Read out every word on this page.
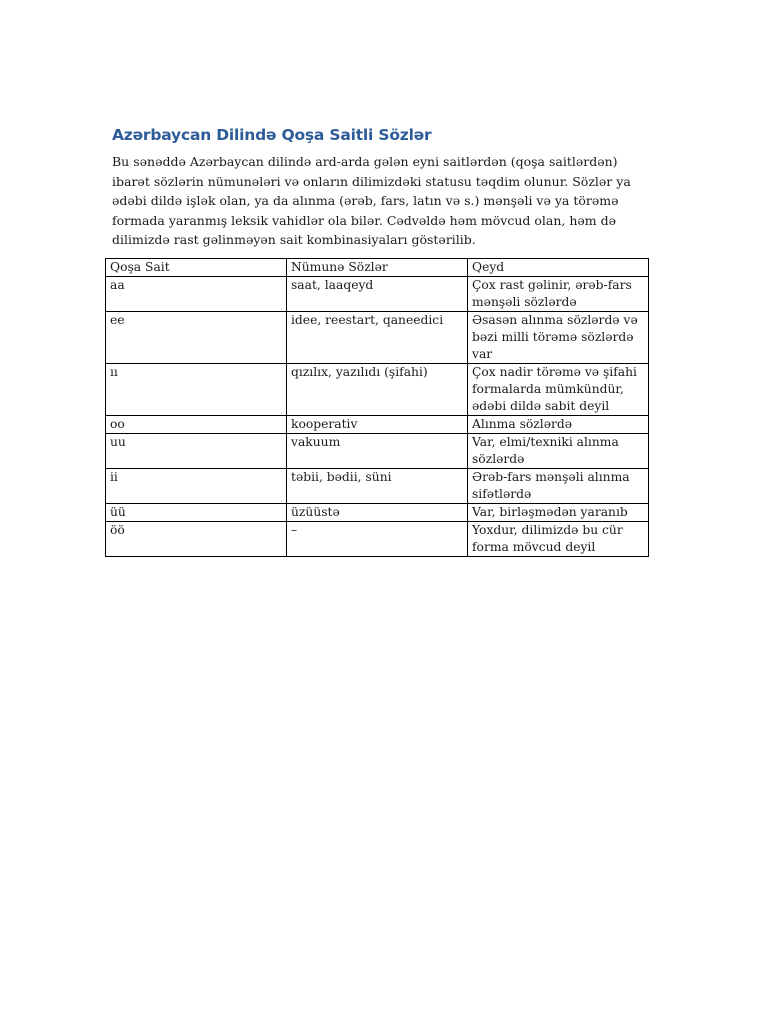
Azərbaycan Dilində Qoşa Saitli Sözlər

Bu sənəddə Azərbaycan dilində ard-arda gələn eyni saitlərdən (qoşa saitlərdən) ibarət sözlərin nümunələri və onların dilimizdəki statusu təqdim olunur. Sözlər ya ədəbi dildə işlək olan, ya da alınma (ərəb, fars, latın və s.) mənşəli və ya törəmə formada yaranmış leksik vahidlər ola bilər. Cədvəldə həm mövcud olan, həm də dilimizdə rast gəlinməyən sait kombinasiyaları göstərilib.

Qoşa Sait	Nümunə Sözlər	Qeyd
aa	saat, laaqeyd	Çox rast gəlinir, ərəb-fars mənşəli sözlərdə
ee	idee, reestart, qaneedici	Əsasən alınma sözlərdə və bəzi milli törəmə sözlərdə var
ıı	qızılıx, yazılıdı (şifahi)	Çox nadir törəmə və şifahi formalarda mümkündür, ədəbi dildə sabit deyil
oo	kooperativ	Alınma sözlərdə
uu	vakuum	Var, elmi/texniki alınma sözlərdə
ii	təbii, bədii, süni	Ərəb-fars mənşəli alınma sifətlərdə
üü	üzüüstə	Var, birləşmədən yaranıb
öö	–	Yoxdur, dilimizdə bu cür forma mövcud deyil
